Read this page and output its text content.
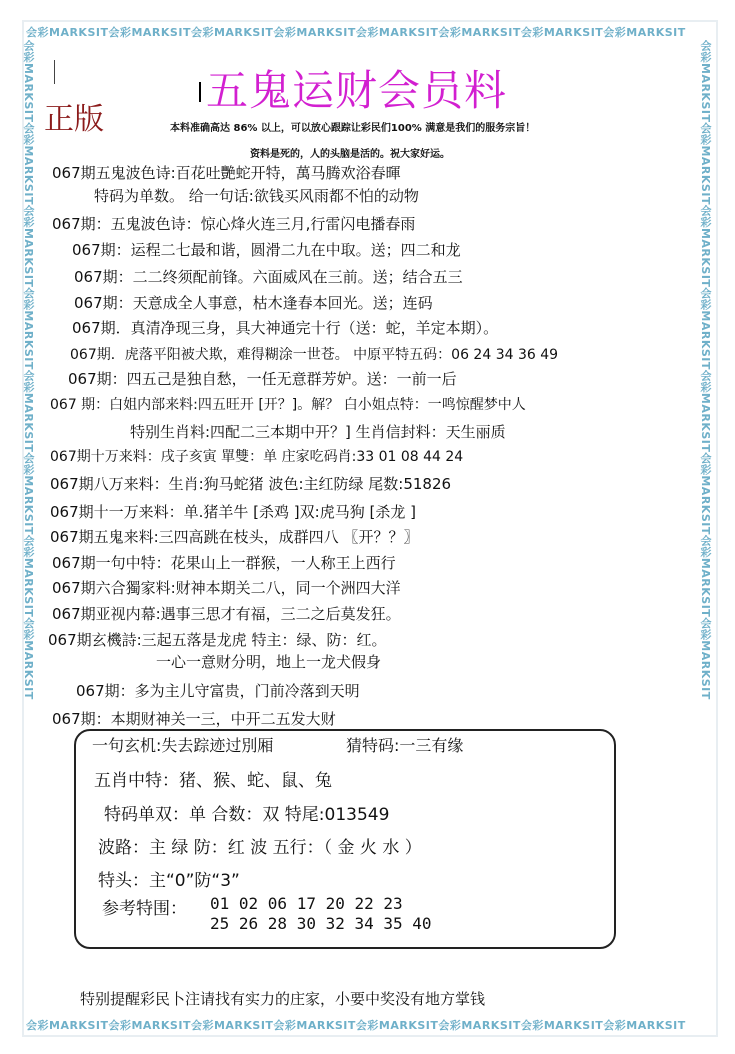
会彩MARKSIT会彩MARKSIT会彩MARKSIT会彩MARKSIT会彩MARKSIT会彩MARKSIT会彩MARKSIT会彩MARKSIT
会彩MARKSIT会彩MARKSIT会彩MARKSIT会彩MARKSIT会彩MARKSIT会彩MARKSIT会彩MARKSIT会彩MARKSIT
会彩MARKSIT会彩MARKSIT会彩MARKSIT会彩MARKSIT会彩MARKSIT会彩MARKSIT会彩MARKSIT会彩MARKSIT	会彩MARKSIT会彩MARKSIT会彩MARKSIT会彩MARKSIT会彩MARKSIT会彩MARKSIT会彩MARKSIT会彩MARKSIT
正版
五鬼运财会员料
本料准确高达 86% 以上，可以放心跟踪让彩民们100% 满意是我们的服务宗旨！
资料是死的，人的头脑是活的。祝大家好运。
067期五鬼波色诗:百花吐艷蛇开特，萬马腾欢浴春暉
特码为单数。 给一句话:欲钱买风雨都不怕的动物
067期：五鬼波色诗：惊心烽火连三月,行雷闪电播春雨
067期：运程二七最和谐，圆滑二九在中取。送；四二和龙
067期：二二终须配前锋。六面威风在三前。送；结合五三
067期：天意成全人事意，枯木逢春本回光。送；连码
067期．真清净现三身，具大神通完十行（送：蛇，羊定本期）。
067期．虎落平阳被犬欺，难得糊涂一世苍。 中原平特五码：06 24 34 36 49
067期：四五己是独自愁，一任无意群芳妒。送：一前一后
067 期：白姐内部来料:四五旺开 [开？]。解？ 白小姐点特：一鸣惊醒梦中人
特别生肖料:四配二三本期中开？] 生肖信封料：天生丽质
067期十万来料：戌子亥寅 單雙：单 庄家吃码肖:33 01 08 44 24
067期八万来料：生肖:狗马蛇猪 波色:主红防绿 尾数:51826
067期十一万来料：单.猪羊牛 [杀鸡 ]双:虎马狗 [杀龙 ]
067期五鬼来料:三四高跳在枝头，成群四八 〖开？？〗
067期一句中特：花果山上一群猴，一人称王上西行
067期六合獨家料:财神本期关二八，同一个洲四大洋
067期亚视内幕:遇事三思才有福，三二之后莫发狂。
067期玄機詩:三起五落是龙虎 特主：绿、防：红。
一心一意财分明，地上一龙犬假身
067期：多为主儿守富贵，门前冷落到天明
067期：本期财神关一三，中开二五发大财
一句玄机:失去踪迹过別厢	猜特码:一三有缘
五肖中特：猪、猴、蛇、鼠、兔
特码单双：单 合数：双 特尾:013549
波路：主 绿 防：红 波 五行：（ 金 火 水 ）
特头：主“0”防“3”
参考特围： 01 02 06 17 20 22 23
25 26 28 30 32 34 35 40
特别提醒彩民卜注请找有实力的庄家，小要中奖没有地方掌钱
